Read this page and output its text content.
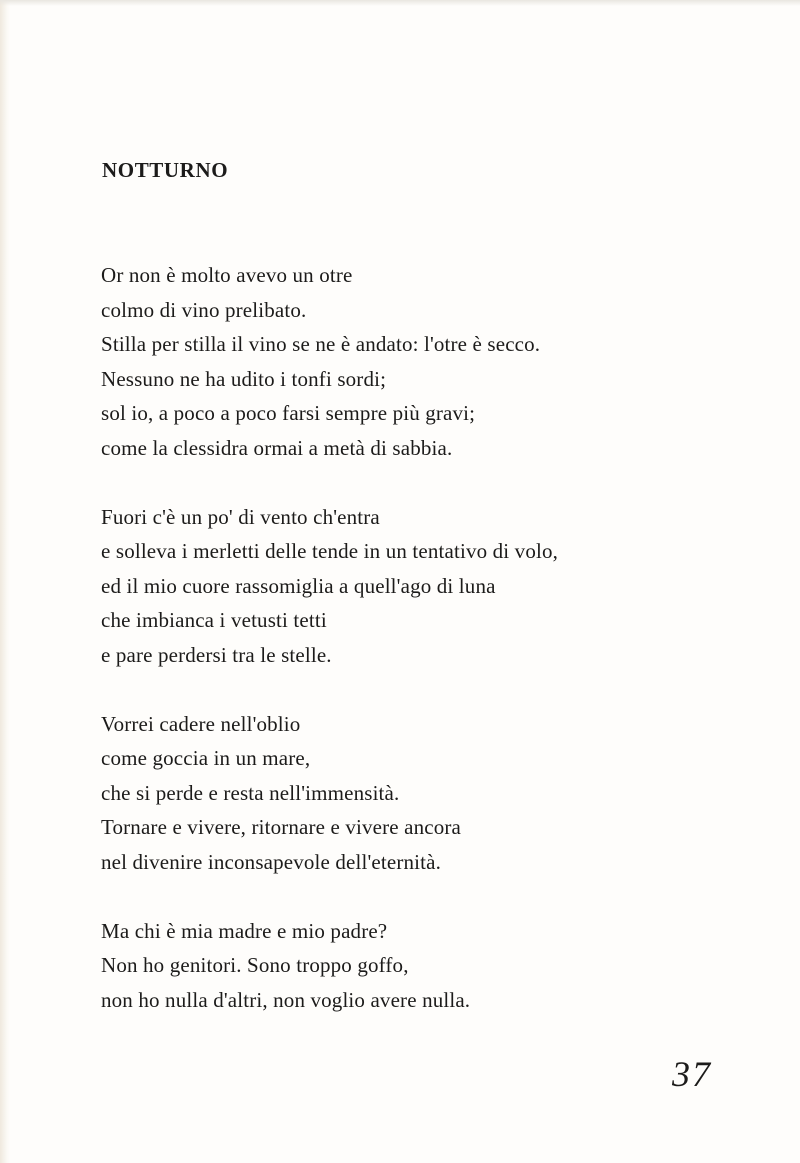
NOTTURNO
Or non è molto avevo un otre
colmo di vino prelibato.
Stilla per stilla il vino se ne è andato: l'otre è secco.
Nessuno ne ha udito i tonfi sordi;
sol io, a poco a poco farsi sempre più gravi;
come la clessidra ormai a metà di sabbia.
Fuori c'è un po' di vento ch'entra
e solleva i merletti delle tende in un tentativo di volo,
ed il mio cuore rassomiglia a quell'ago di luna
che imbianca i vetusti tetti
e pare perdersi tra le stelle.
Vorrei cadere nell'oblio
come goccia in un mare,
che si perde e resta nell'immensità.
Tornare e vivere, ritornare e vivere ancora
nel divenire inconsapevole dell'eternità.
Ma chi è mia madre e mio padre?
Non ho genitori. Sono troppo goffo,
non ho nulla d'altri, non voglio avere nulla.

37
